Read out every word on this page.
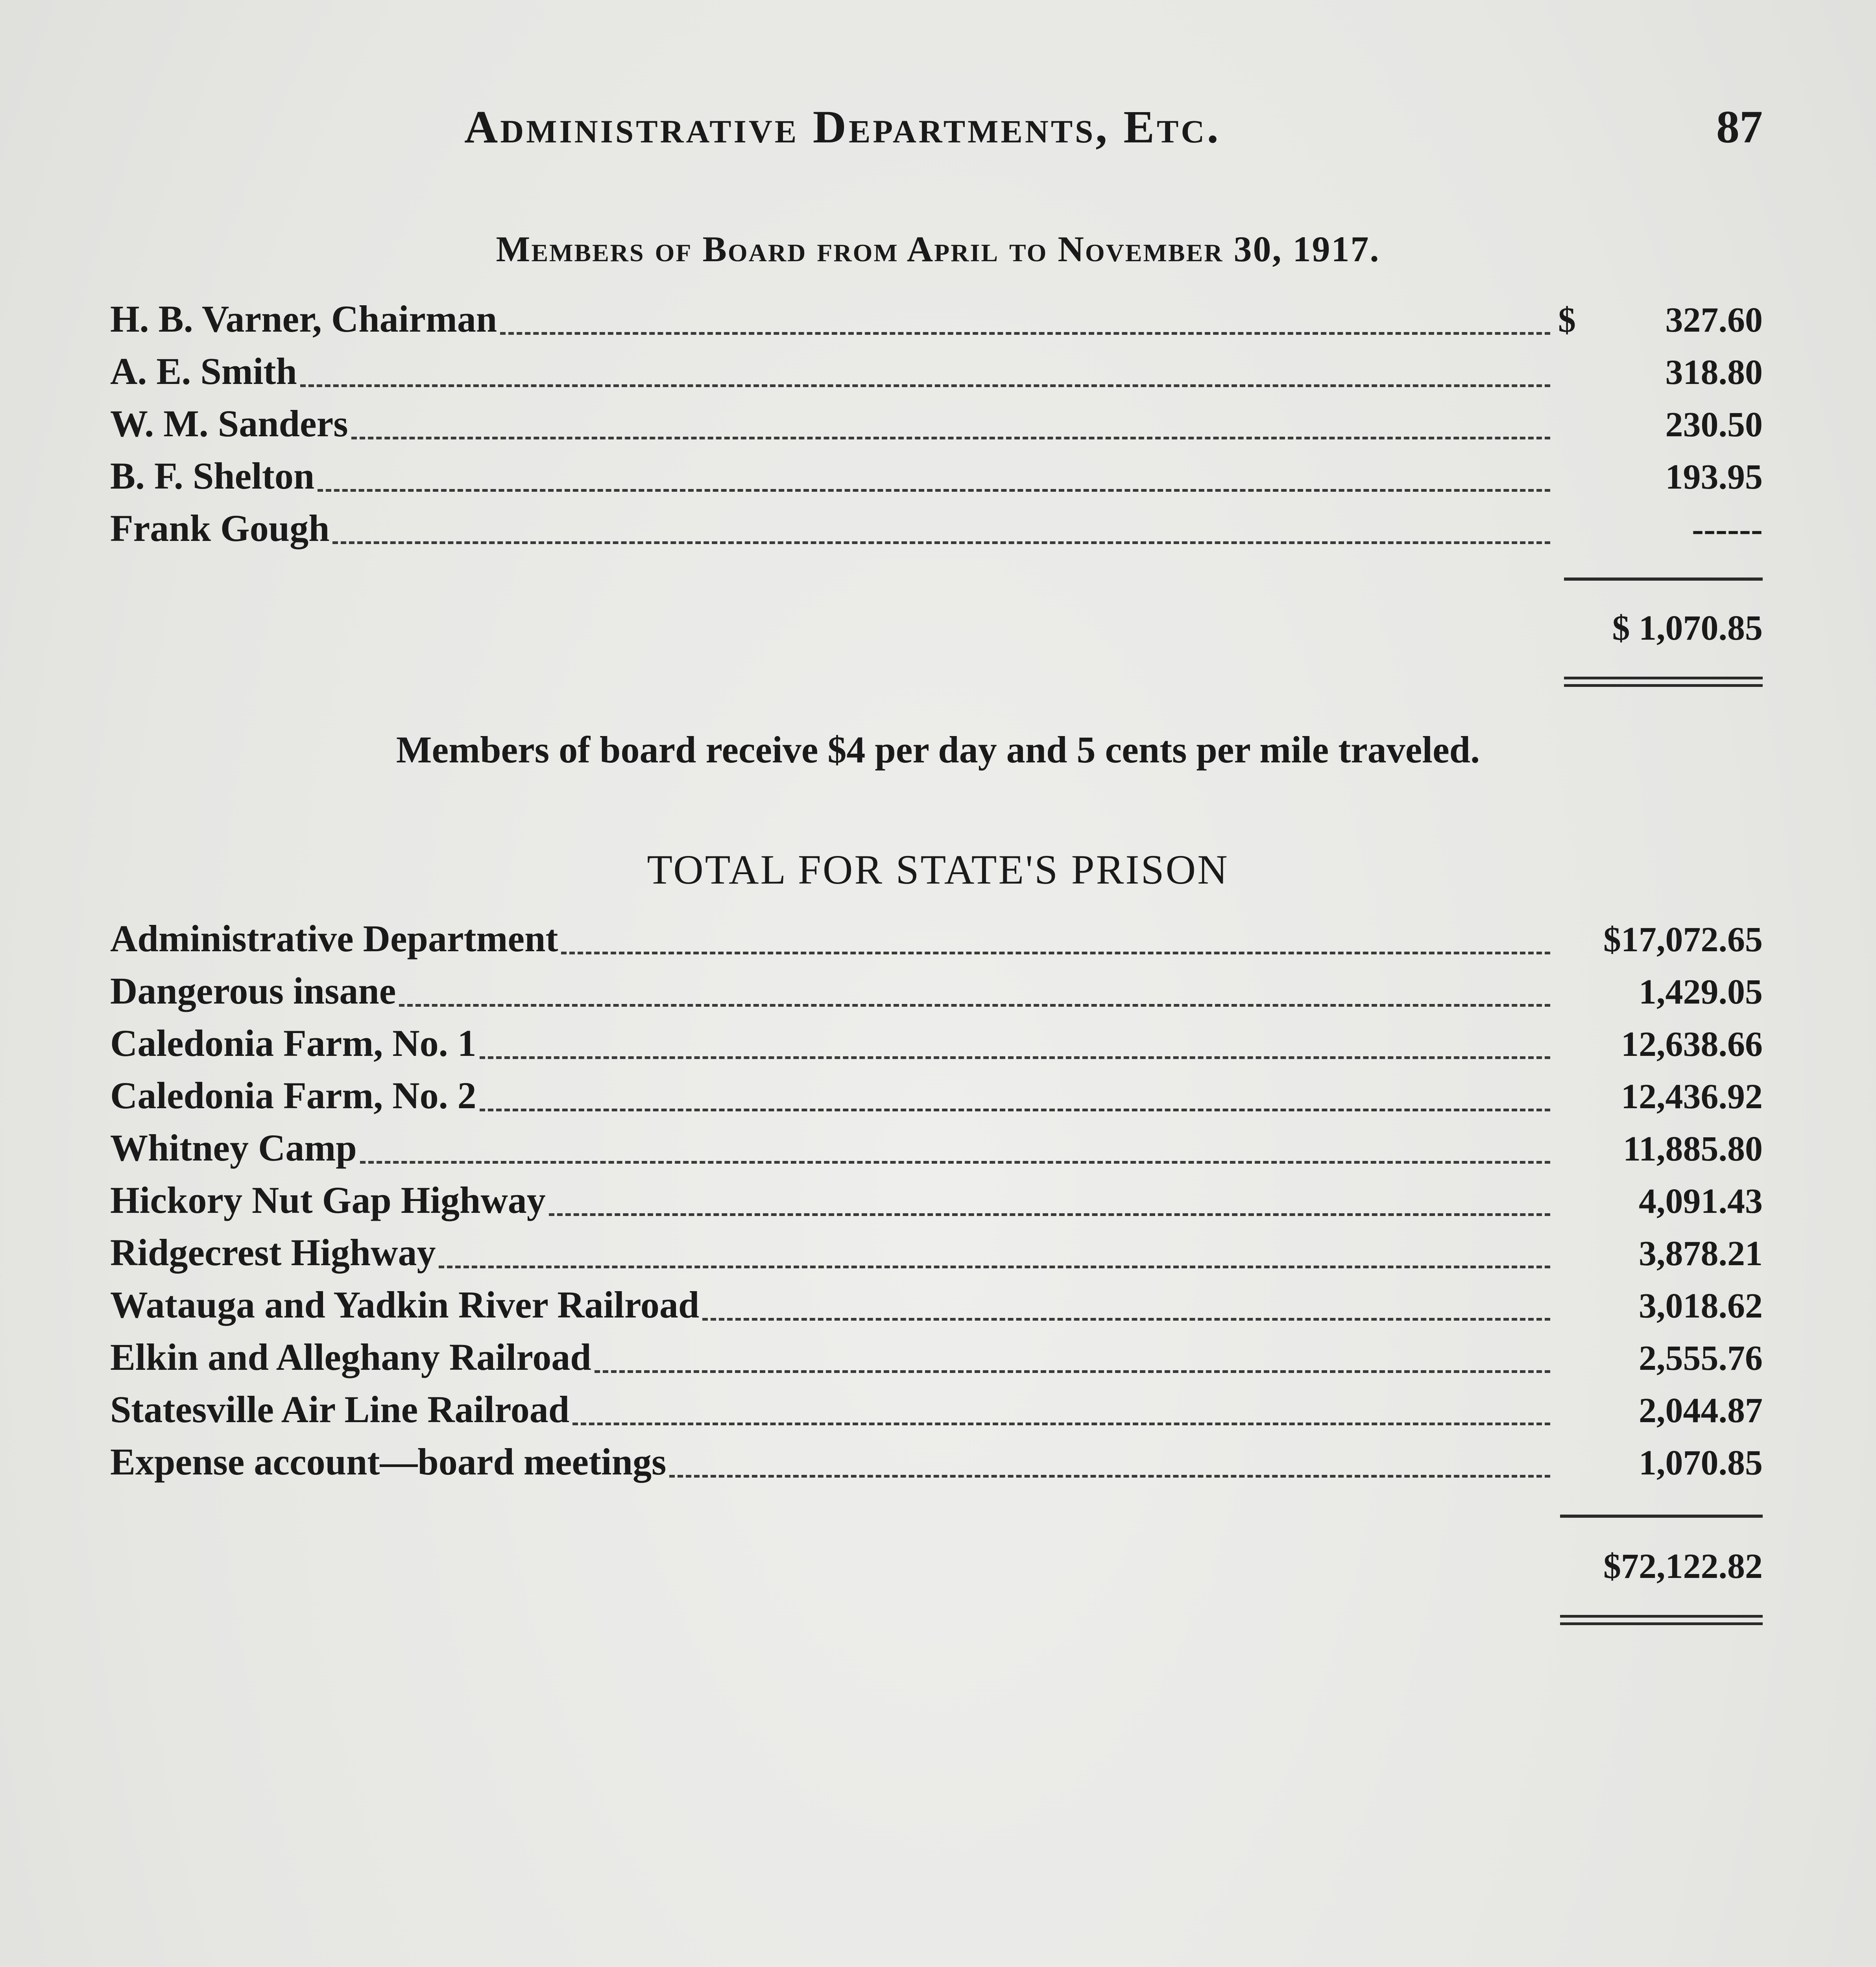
Administrative Departments, Etc.	87
Members of Board from April to November 30, 1917.
H. B. Varner, Chairman	$	327.60
A. E. Smith	318.80
W. M. Sanders	230.50
B. F. Shelton	193.95
Frank Gough	------
$ 1,070.85
Members of board receive $4 per day and 5 cents per mile traveled.
TOTAL FOR STATE'S PRISON
Administrative Department	$17,072.65
Dangerous insane	1,429.05
Caledonia Farm, No. 1	12,638.66
Caledonia Farm, No. 2	12,436.92
Whitney Camp	11,885.80
Hickory Nut Gap Highway	4,091.43
Ridgecrest Highway	3,878.21
Watauga and Yadkin River Railroad	3,018.62
Elkin and Alleghany Railroad	2,555.76
Statesville Air Line Railroad	2,044.87
Expense account—board meetings	1,070.85
$72,122.82
